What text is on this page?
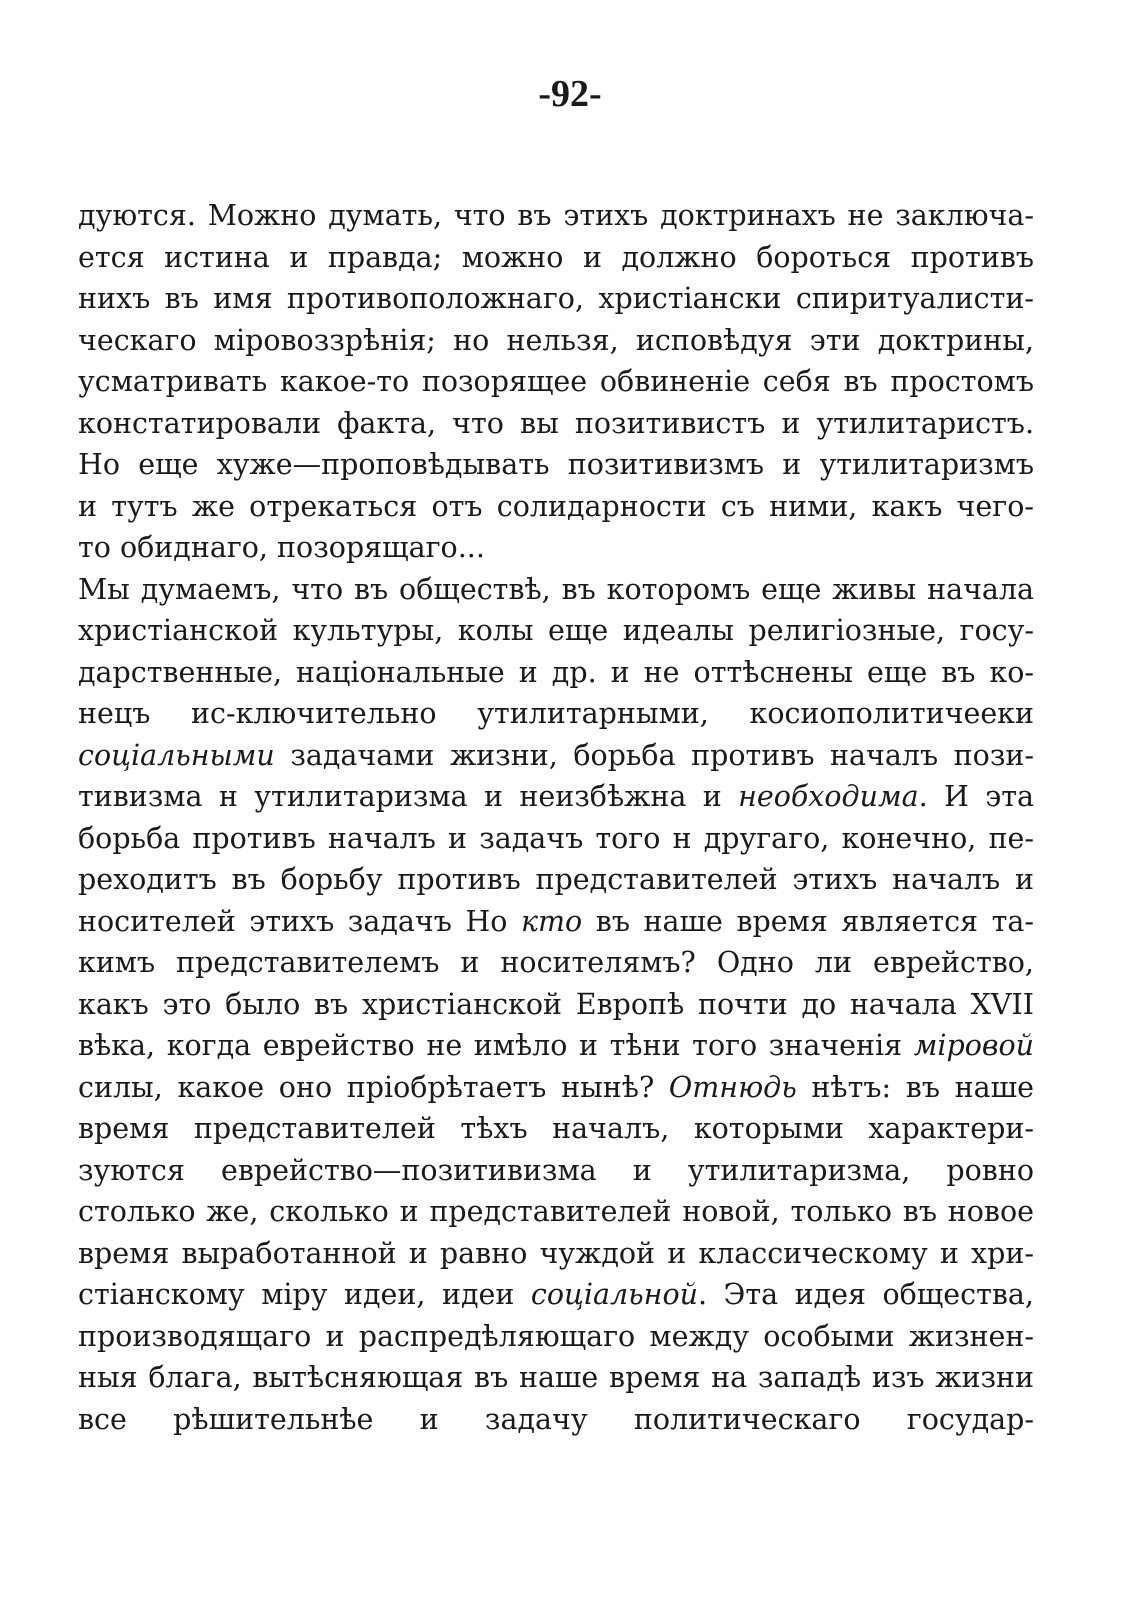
-92-

дуются. Можно думать, что въ этихъ доктринахъ не заключа-
ется истина и правда; можно и должно бороться противъ
нихъ въ имя противоположнаго, христіански спиритуалисти-
ческаго міровоззрѣнія; но нельзя, исповѣдуя эти доктрины,
усматривать какое-то позорящее обвиненіе себя въ простомъ
констатировали факта, что вы позитивистъ и утилитаристъ.
Но еще хуже—проповѣдывать позитивизмъ и утилитаризмъ
и тутъ же отрекаться отъ солидарности съ ними, какъ чего-
то обиднаго, позорящаго...
Мы думаемъ, что въ обществѣ, въ которомъ еще живы начала
христіанской культуры, колы еще идеалы религіозные, госу-
дарственные, національные и др. и не оттѣснены еще въ ко-
нецъ ис-ключительно утилитарными, косиополитичееки
соціальными задачами жизни, борьба противъ началъ пози-
тивизма н утилитаризма и неизбѣжна и необходима. И эта
борьба противъ началъ и задачъ того н другаго, конечно, пе-
реходитъ въ борьбу противъ представителей этихъ началъ и
носителей этихъ задачъ Но кто въ наше время является та-
кимъ представителемъ и носителямъ? Одно ли еврейство,
какъ это было въ христіанской Европѣ почти до начала XVII
вѣка, когда еврейство не имѣло и тѣни того значенія міровой
силы, какое оно пріобрѣтаетъ нынѣ? Отнюдь нѣтъ: въ наше
время представителей тѣхъ началъ, которыми характери-
зуются еврейство—позитивизма и утилитаризма, ровно
столько же, сколько и представителей новой, только въ новое
время выработанной и равно чуждой и классическому и хри-
стіанскому міру идеи, идеи соціальной. Эта идея общества,
производящаго и распредѣляющаго между особыми жизнен-
ныя блага, вытѣсняющая въ наше время на западѣ изъ жизни
все рѣшительнѣе и задачу политическаго государ-
